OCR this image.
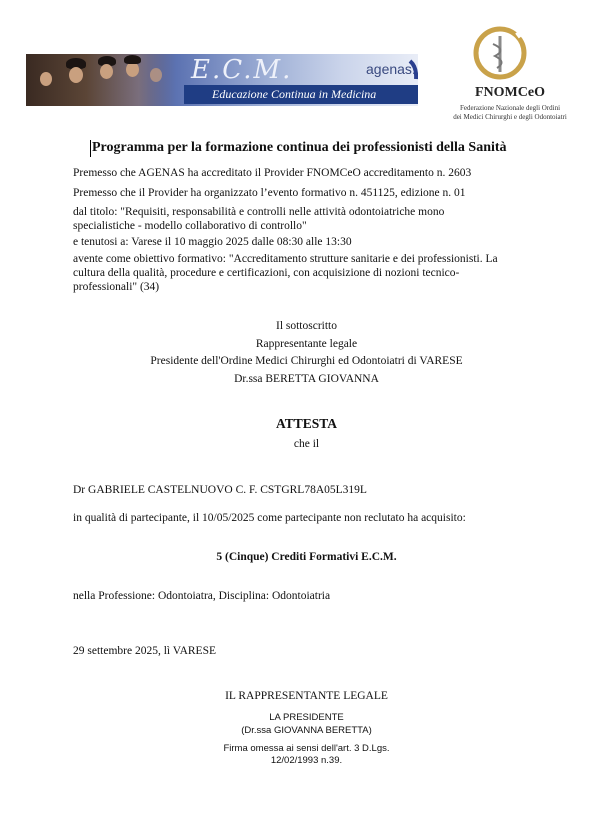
E.C.M.
Educazione Continua in Medicina
agenas.
FNOMCeO
Federazione Nazionale degli Ordini
dei Medici Chirurghi e degli Odontoiatri
Programma per la formazione continua dei professionisti della Sanità
Premesso che AGENAS ha accreditato il Provider FNOMCeO accreditamento n. 2603
Premesso che il Provider ha organizzato l’evento formativo n. 451125, edizione n. 01
dal titolo: "Requisiti, responsabilità e controlli nelle attività odontoiatriche mono
specialistiche - modello collaborativo di controllo"
e tenutosi a: Varese il 10 maggio 2025 dalle 08:30 alle 13:30
avente come obiettivo formativo: "Accreditamento strutture sanitarie e dei professionisti. La
cultura della qualità, procedure e certificazioni, con acquisizione di nozioni tecnico-
professionali" (34)
Il sottoscritto
Rappresentante legale
Presidente dell'Ordine Medici Chirurghi ed Odontoiatri di VARESE
Dr.ssa BERETTA GIOVANNA
ATTESTA
che il
Dr GABRIELE CASTELNUOVO C. F. CSTGRL78A05L319L
in qualità di partecipante, il 10/05/2025 come partecipante non reclutato ha acquisito:
5 (Cinque) Crediti Formativi E.C.M.
nella Professione: Odontoiatra, Disciplina: Odontoiatria
29 settembre 2025, lì VARESE
IL RAPPRESENTANTE LEGALE
LA PRESIDENTE
(Dr.ssa GIOVANNA BERETTA)
Firma omessa ai sensi dell'art. 3 D.Lgs.
12/02/1993 n.39.
